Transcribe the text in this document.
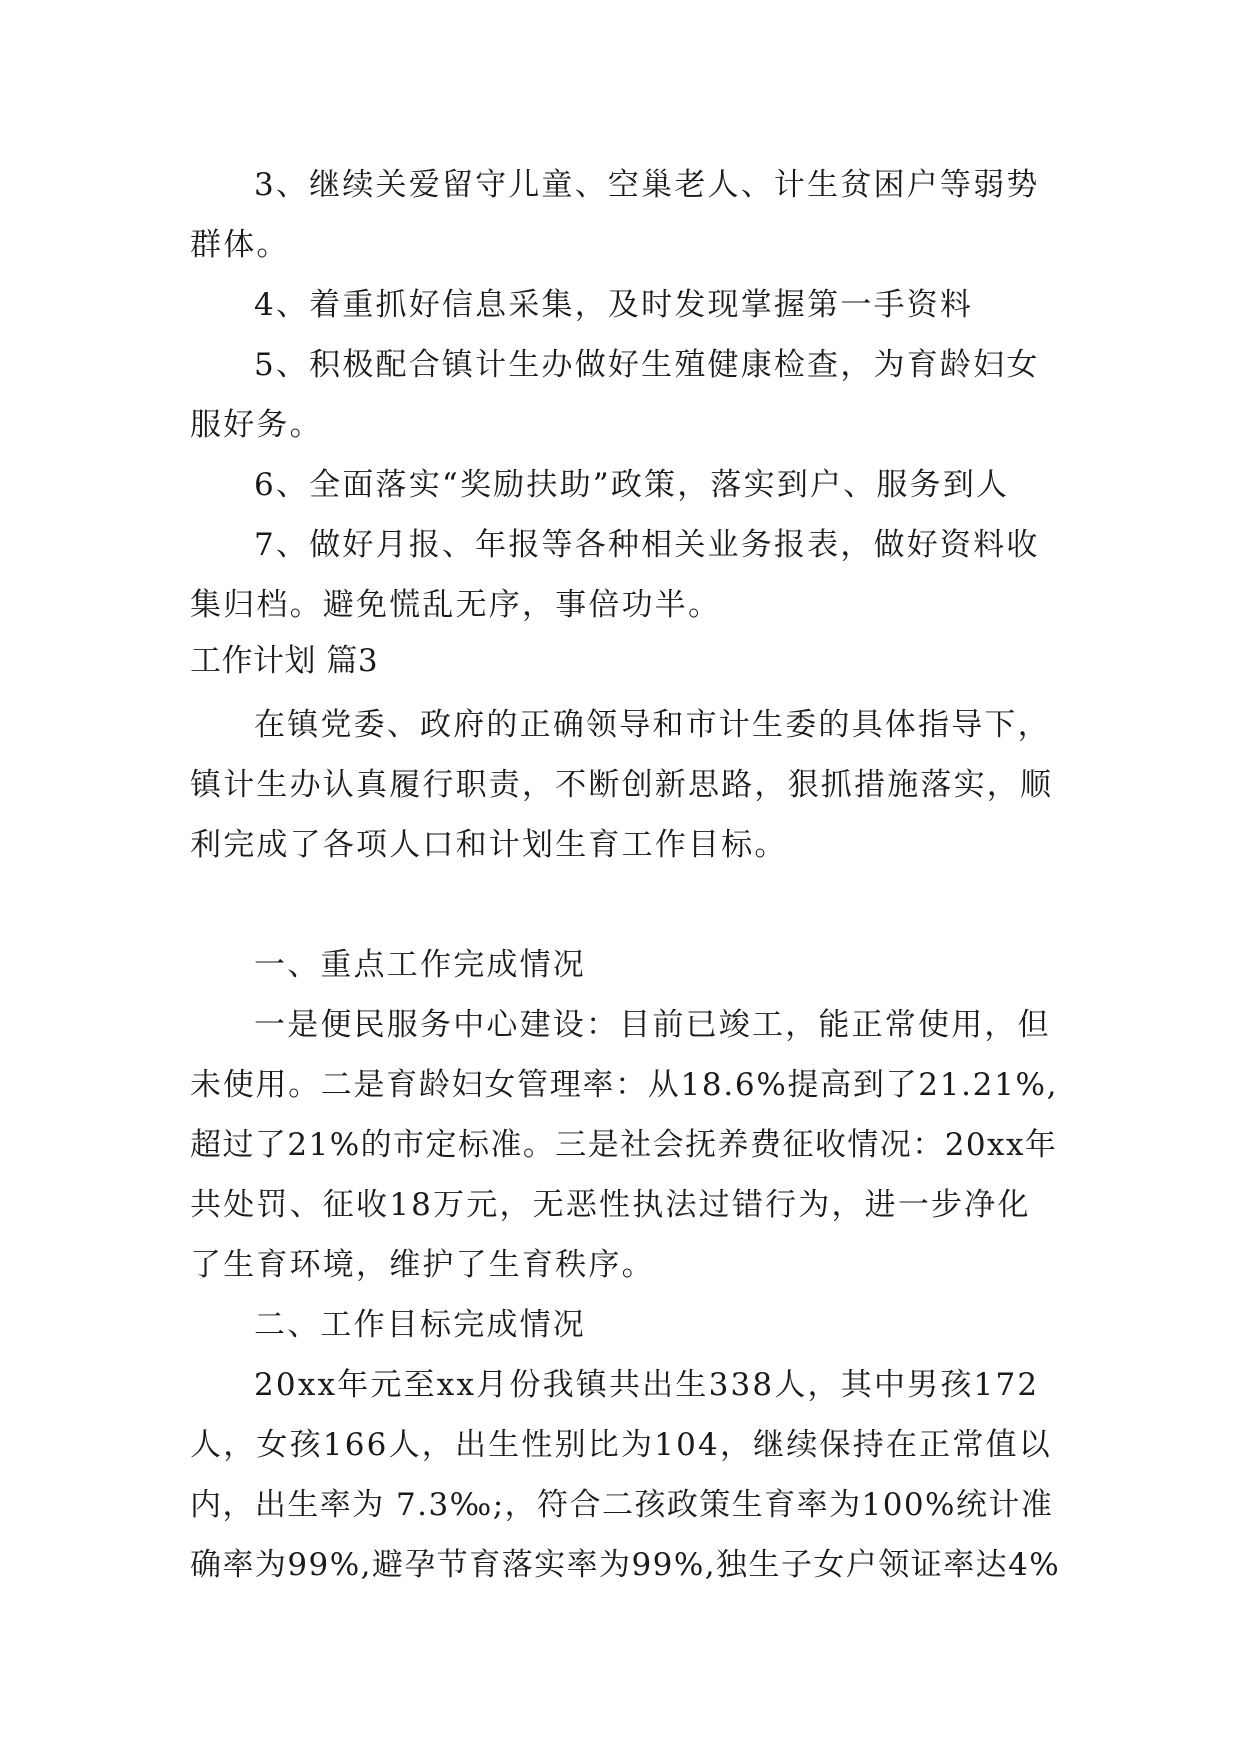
3、继续关爱留守儿童、空巢老人、计生贫困户等弱势
群体。
4、着重抓好信息采集，及时发现掌握第一手资料
5、积极配合镇计生办做好生殖健康检查，为育龄妇女
服好务。
6、全面落实“奖励扶助”政策，落实到户、服务到人
7、做好月报、年报等各种相关业务报表，做好资料收
集归档。避免慌乱无序，事倍功半。
工作计划 篇3
在镇党委、政府的正确领导和市计生委的具体指导下，
镇计生办认真履行职责，不断创新思路，狠抓措施落实，顺
利完成了各项人口和计划生育工作目标。
一、重点工作完成情况
一是便民服务中心建设：目前已竣工，能正常使用，但
未使用。二是育龄妇女管理率：从18.6%提高到了21.21%,
超过了21%的市定标准。三是社会抚养费征收情况：20xx年
共处罚、征收18万元，无恶性执法过错行为，进一步净化
了生育环境，维护了生育秩序。
二、工作目标完成情况
20xx年元至xx月份我镇共出生338人，其中男孩172
人，女孩166人，出生性别比为104，继续保持在正常值以
内，出生率为 7.3‰;，符合二孩政策生育率为100%统计准
确率为99%,避孕节育落实率为99%,独生子女户领证率达4%
